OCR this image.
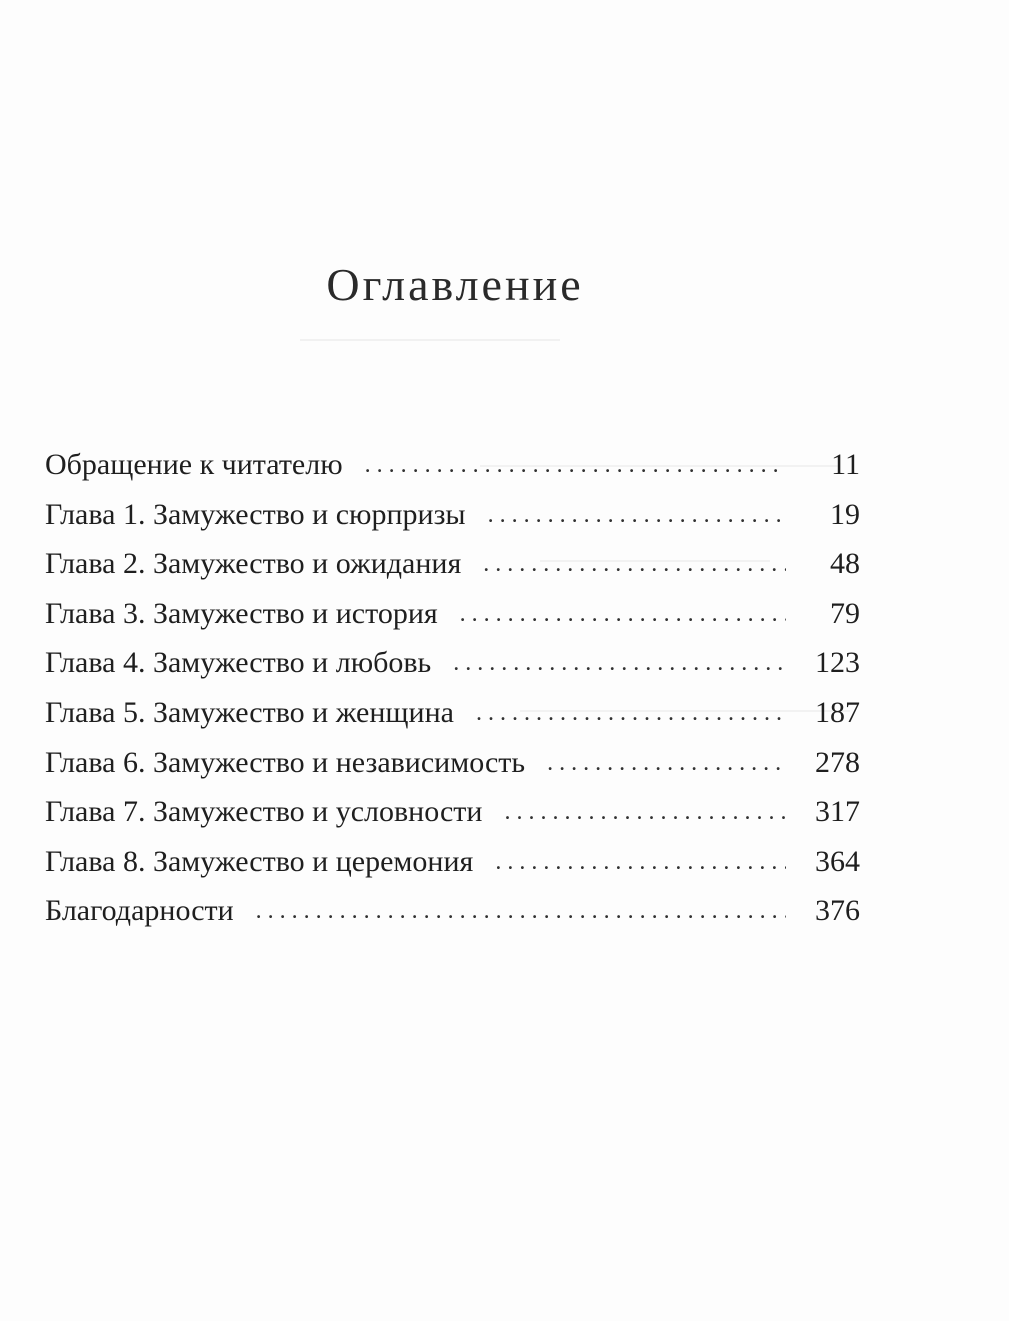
Оглавление
Обращение к читателю . . .	11
Глава 1. Замужество и сюрпризы . . .	19
Глава 2. Замужество и ожидания . . .	48
Глава 3. Замужество и история . . .	79
Глава 4. Замужество и любовь . . .	123
Глава 5. Замужество и женщина . . .	187
Глава 6. Замужество и независимость . . .	278
Глава 7. Замужество и условности . . .	317
Глава 8. Замужество и церемония . . .	364
Благодарности . . .	376
